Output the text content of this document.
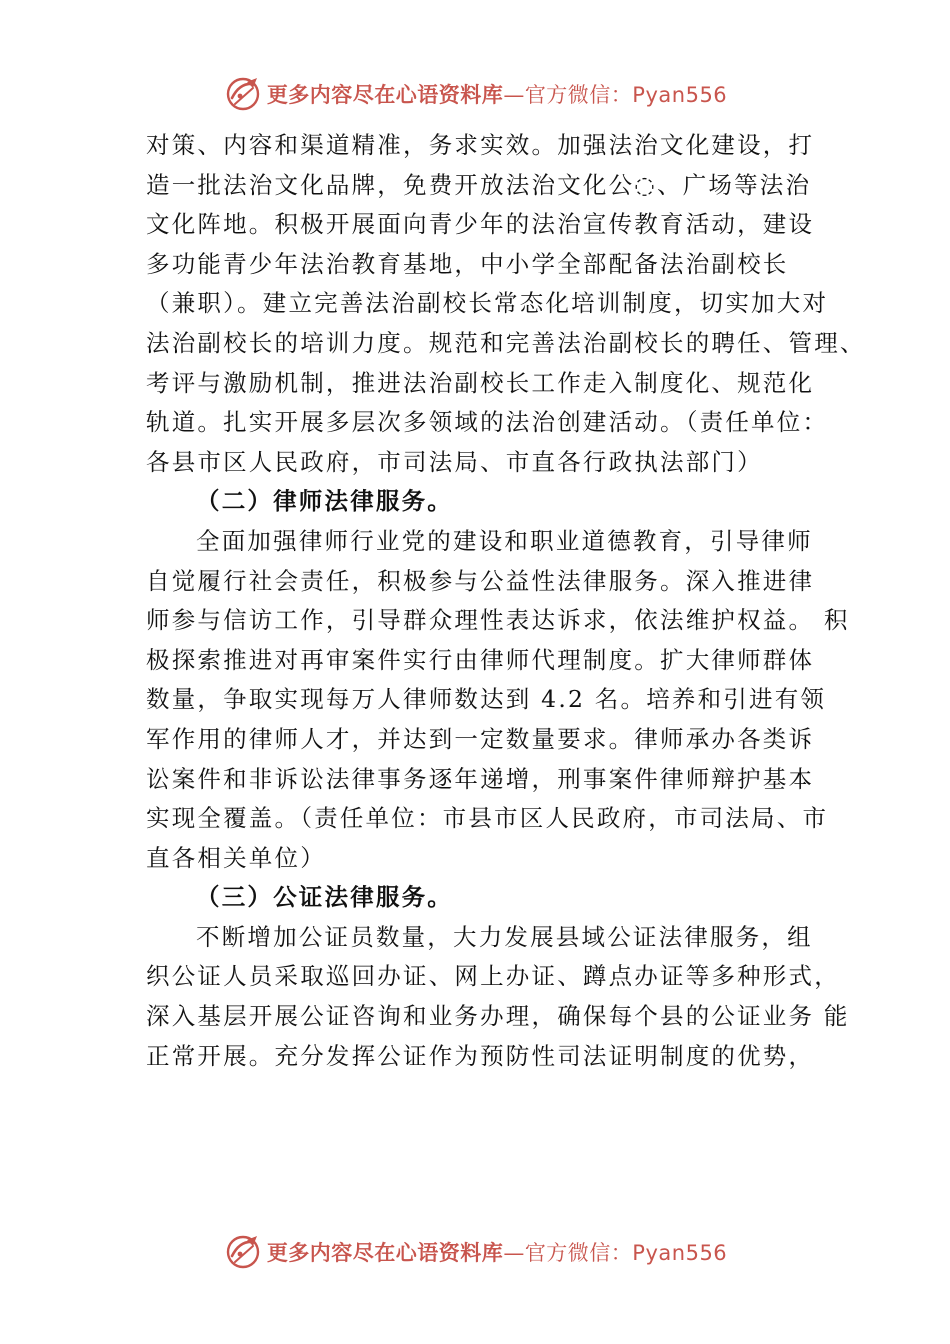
更多内容尽在心语资料库—官方微信：Pyan556
对策、内容和渠道精准，务求实效。加强法治文化建设，打
造一批法治文化品牌，免费开放法治文化公◌、广场等法治
文化阵地。积极开展面向青少年的法治宣传教育活动，建设
多功能青少年法治教育基地，中小学全部配备法治副校长
（兼职）。建立完善法治副校长常态化培训制度，切实加大对
法治副校长的培训力度。规范和完善法治副校长的聘任、管理、
考评与激励机制，推进法治副校长工作走入制度化、规范化
轨道。扎实开展多层次多领域的法治创建活动。（责任单位：
各县市区人民政府，市司法局、市直各行政执法部门）
（二）律师法律服务。
全面加强律师行业党的建设和职业道德教育，引导律师
自觉履行社会责任，积极参与公益性法律服务。深入推进律
师参与信访工作，引导群众理性表达诉求，依法维护权益。 积
极探索推进对再审案件实行由律师代理制度。扩大律师群体
数量，争取实现每万人律师数达到 4.2 名。培养和引进有领
军作用的律师人才，并达到一定数量要求。律师承办各类诉
讼案件和非诉讼法律事务逐年递增，刑事案件律师辩护基本
实现全覆盖。（责任单位：市县市区人民政府，市司法局、市
直各相关单位）
（三）公证法律服务。
不断增加公证员数量，大力发展县域公证法律服务，组
织公证人员采取巡回办证、网上办证、蹲点办证等多种形式，
深入基层开展公证咨询和业务办理，确保每个县的公证业务 能
正常开展。充分发挥公证作为预防性司法证明制度的优势，
更多内容尽在心语资料库—官方微信：Pyan556
